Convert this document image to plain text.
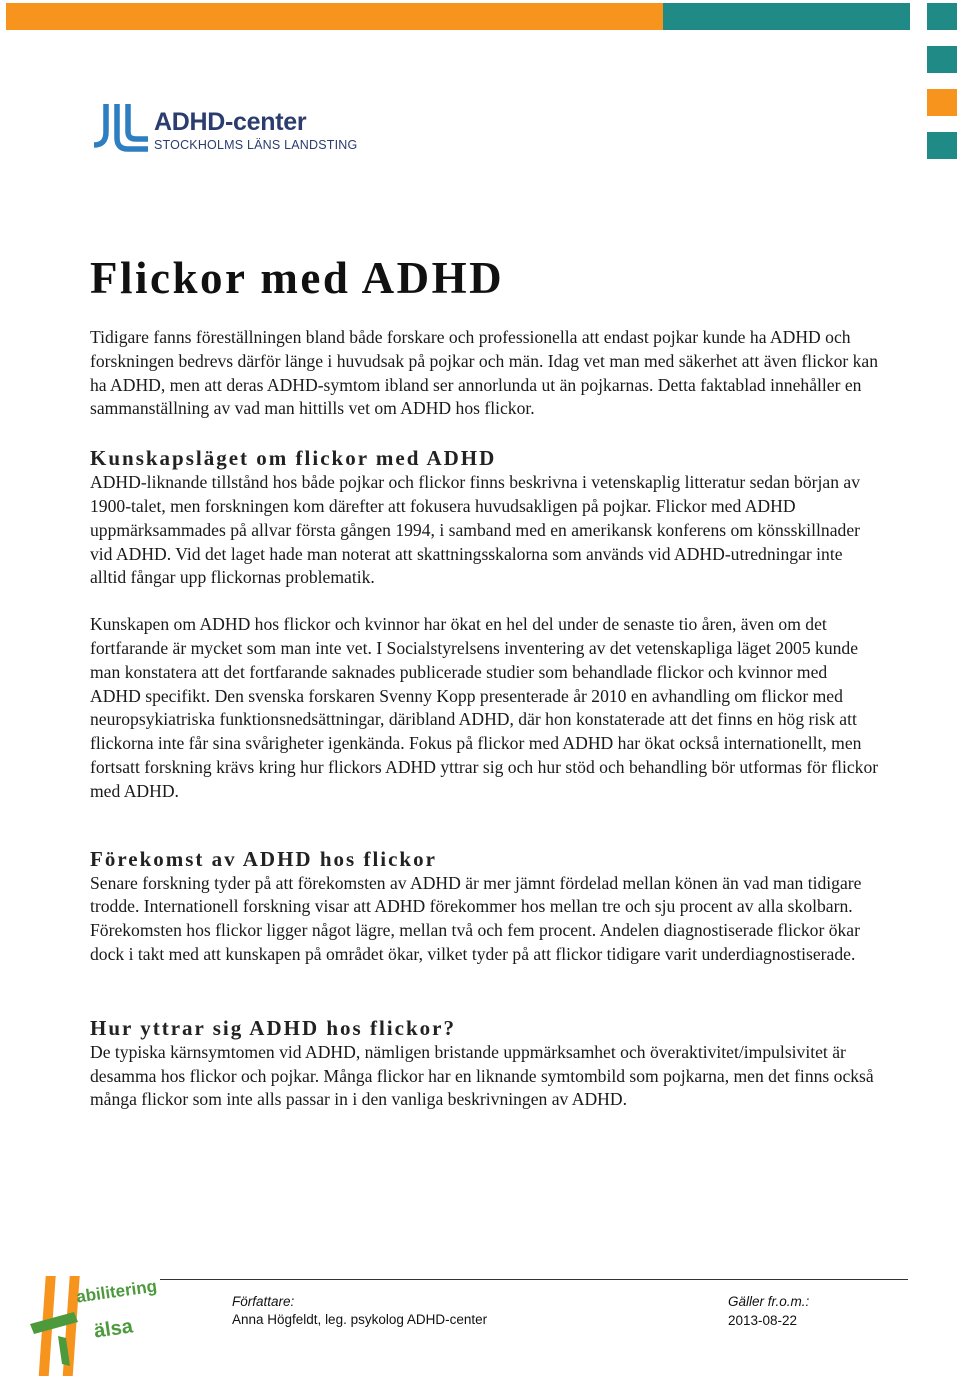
ADHD-center
STOCKHOLMS LÄNS LANDSTING
Flickor med ADHD

Tidigare fanns föreställningen bland både forskare och professionella att endast pojkar kunde ha ADHD och forskningen bedrevs därför länge i huvudsak på pojkar och män. Idag vet man med säkerhet att även flickor kan ha ADHD, men att deras ADHD-symtom ibland ser annorlunda ut än pojkarnas. Detta faktablad innehåller en sammanställning av vad man hittills vet om ADHD hos flickor.

Kunskapsläget om flickor med ADHD

ADHD-liknande tillstånd hos både pojkar och flickor finns beskrivna i vetenskaplig litteratur sedan början av 1900-talet, men forskningen kom därefter att fokusera huvudsakligen på pojkar. Flickor med ADHD uppmärksammades på allvar första gången 1994, i samband med en amerikansk konferens om könsskillnader vid ADHD. Vid det laget hade man noterat att skattningsskalorna som används vid ADHD-utredningar inte alltid fångar upp flickornas problematik.

Kunskapen om ADHD hos flickor och kvinnor har ökat en hel del under de senaste tio åren, även om det fortfarande är mycket som man inte vet. I Socialstyrelsens inventering av det vetenskapliga läget 2005 kunde man konstatera att det fortfarande saknades publicerade studier som behandlade flickor och kvinnor med ADHD specifikt. Den svenska forskaren Svenny Kopp presenterade år 2010 en avhandling om flickor med neuropsykiatriska funktionsnedsättningar, däribland ADHD, där hon konstaterade att det finns en hög risk att flickorna inte får sina svårigheter igenkända. Fokus på flickor med ADHD har ökat också internationellt, men fortsatt forskning krävs kring hur flickors ADHD yttrar sig och hur stöd och behandling bör utformas för flickor med ADHD.

Förekomst av ADHD hos flickor

Senare forskning tyder på att förekomsten av ADHD är mer jämnt fördelad mellan könen än vad man tidigare trodde. Internationell forskning visar att ADHD förekommer hos mellan tre och sju procent av alla skolbarn. Förekomsten hos flickor ligger något lägre, mellan två och fem procent. Andelen diagnostiserade flickor ökar dock i takt med att kunskapen på området ökar, vilket tyder på att flickor tidigare varit underdiagnostiserade.

Hur yttrar sig ADHD hos flickor?

De typiska kärnsymtomen vid ADHD, nämligen bristande uppmärksamhet och överaktivitet/impulsivitet är desamma hos flickor och pojkar. Många flickor har en liknande symtombild som pojkarna, men det finns också många flickor som inte alls passar in i den vanliga beskrivningen av ADHD.

abilitering
älsa
Författare:
Anna Högfeldt, leg. psykolog ADHD-center
Gäller fr.o.m.:
2013-08-22
